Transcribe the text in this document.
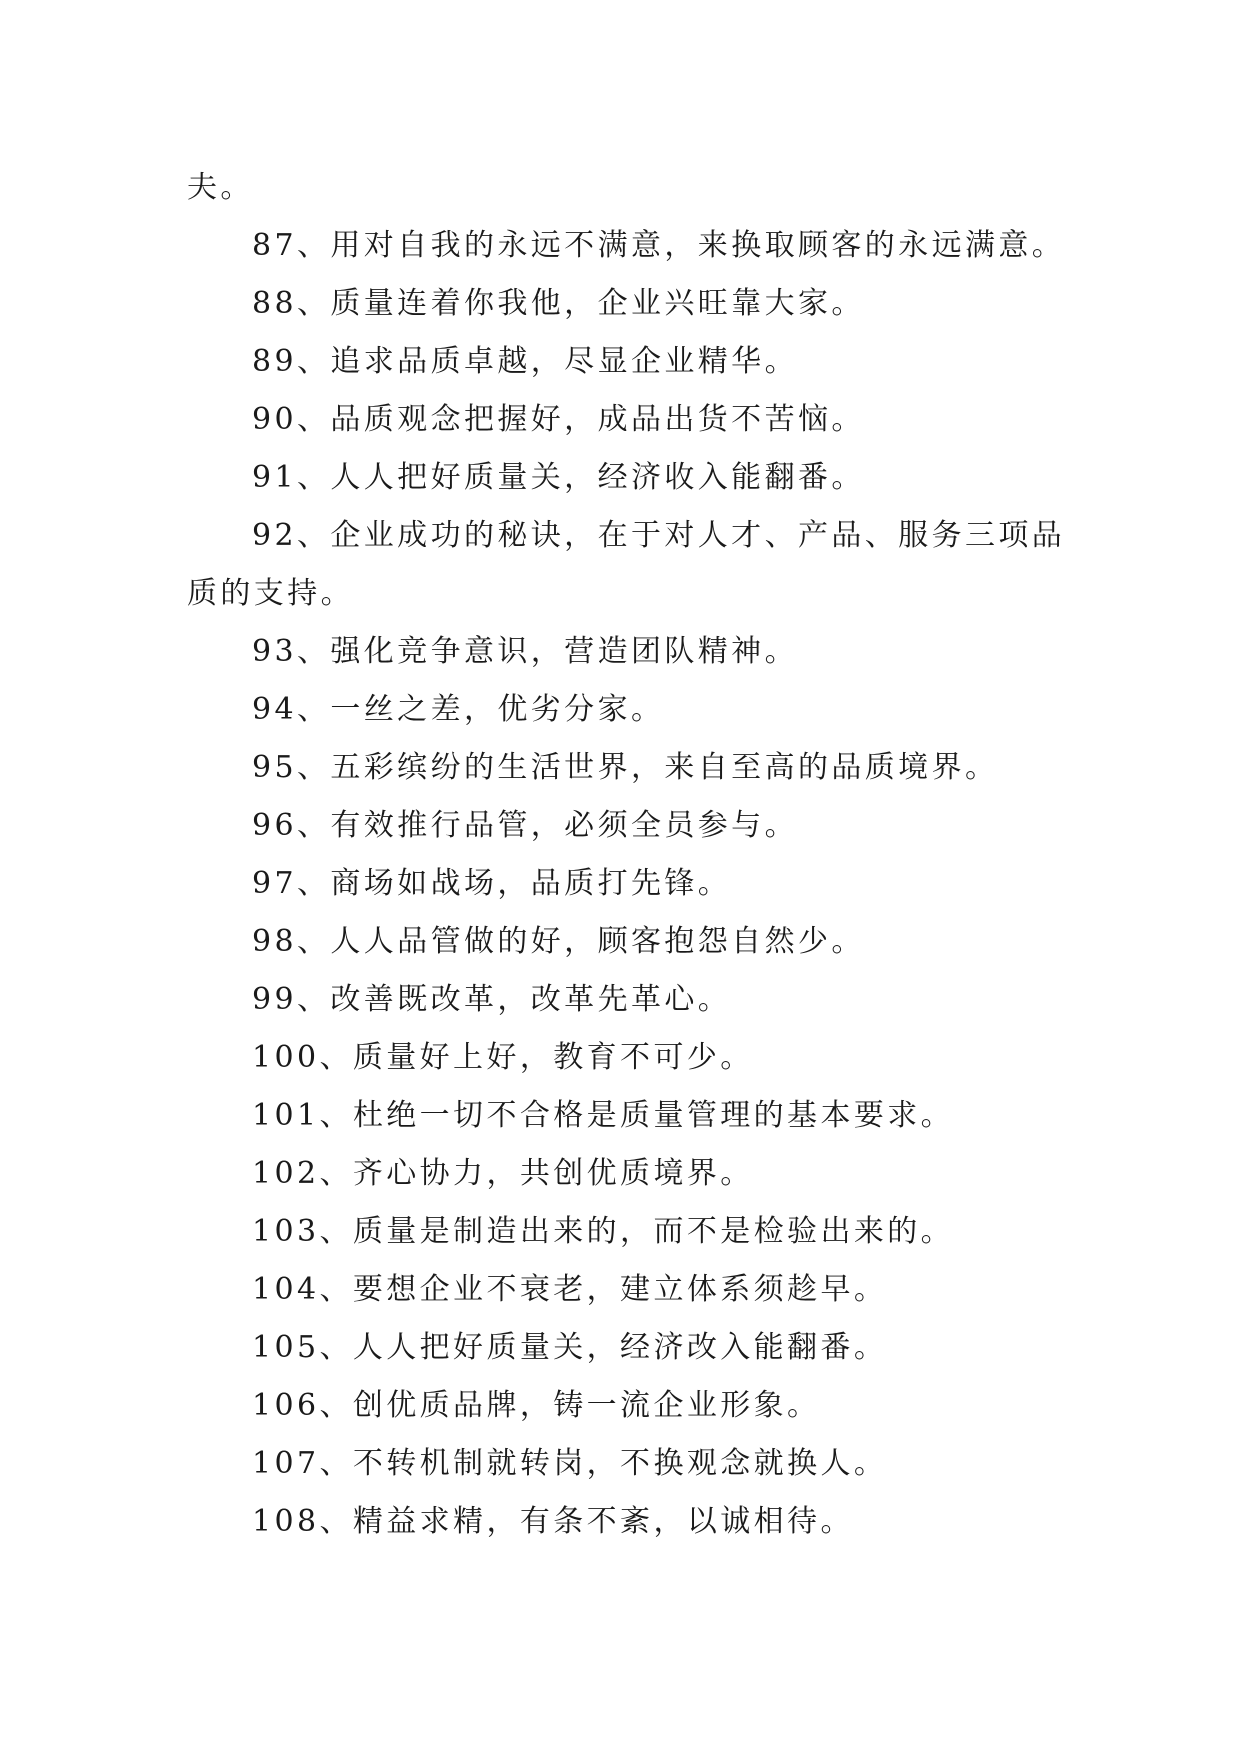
夫。
87、用对自我的永远不满意，来换取顾客的永远满意。
88、质量连着你我他，企业兴旺靠大家。
89、追求品质卓越，尽显企业精华。
90、品质观念把握好，成品出货不苦恼。
91、人人把好质量关，经济收入能翻番。
92、企业成功的秘诀，在于对人才、产品、服务三项品
质的支持。
93、强化竞争意识，营造团队精神。
94、一丝之差，优劣分家。
95、五彩缤纷的生活世界，来自至高的品质境界。
96、有效推行品管，必须全员参与。
97、商场如战场，品质打先锋。
98、人人品管做的好，顾客抱怨自然少。
99、改善既改革，改革先革心。
100、质量好上好，教育不可少。
101、杜绝一切不合格是质量管理的基本要求。
102、齐心协力，共创优质境界。
103、质量是制造出来的，而不是检验出来的。
104、要想企业不衰老，建立体系须趁早。
105、人人把好质量关，经济改入能翻番。
106、创优质品牌，铸一流企业形象。
107、不转机制就转岗，不换观念就换人。
108、精益求精，有条不紊，以诚相待。
